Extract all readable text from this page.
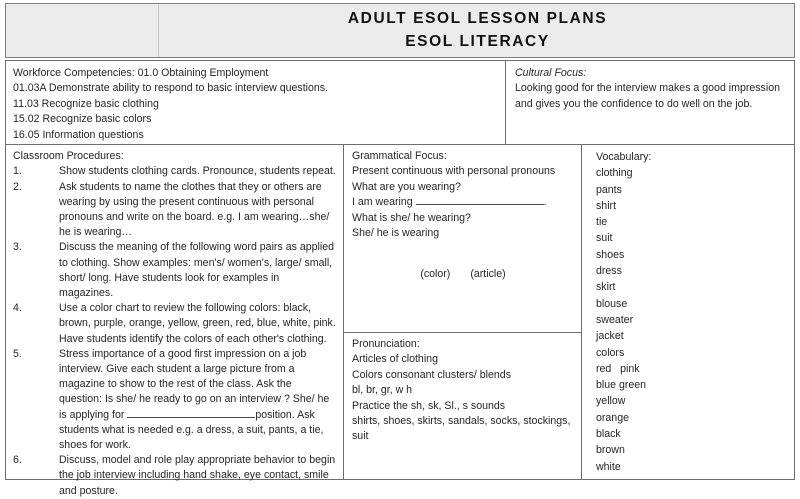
ADULT ESOL LESSON PLANS
ESOL LITERACY
Workforce Competencies: 01.0 Obtaining Employment
01.03A Demonstrate ability to respond to basic interview questions.
11.03 Recognize basic clothing
15.02 Recognize basic colors
16.05 Information questions
Cultural Focus:
Looking good for the interview makes a good impression and gives you the confidence to do well on the job.
Classroom Procedures:
1.	Show students clothing cards. Pronounce, students repeat.
2.	Ask students to name the clothes that they or others are wearing by using the present continuous with personal pronouns and write on the board. e.g. I am wearing…she/ he is wearing…
3.	Discuss the meaning of the following word pairs as applied to clothing. Show examples: men's/ women's, large/ small, short/ long. Have students look for examples in magazines.
4.	Use a color chart to review the following colors: black, brown, purple, orange, yellow, green, red, blue, white, pink. Have students identify the colors of each other's clothing.
5.	Stress importance of a good first impression on a job interview. Give each student a large picture from a magazine to show to the rest of the class. Ask the question: Is she/ he ready to go on an interview ? She/ he is applying for	position. Ask students what is needed e.g. a dress, a suit, pants, a tie, shoes for work.
6.	Discuss, model and role play appropriate behavior to begin the job interview including hand shake, eye contact, smile and posture.
Grammatical Focus:
Present continuous with personal pronouns
What are you wearing?
I am wearing	.
What is she/ he wearing?
She/ he is wearing
(color) (article)
Pronunciation:
Articles of clothing
Colors consonant clusters/ blends
bl, br, gr, w h
Practice the sh, sk, Sl., s sounds
shirts, shoes, skirts, sandals, socks, stockings,
suit
Vocabulary:
clothing
pants
shirt
tie
suit
shoes
dress
skirt
blouse
sweater
jacket
colors
red   pink
blue green
yellow
orange
black
brown
white
